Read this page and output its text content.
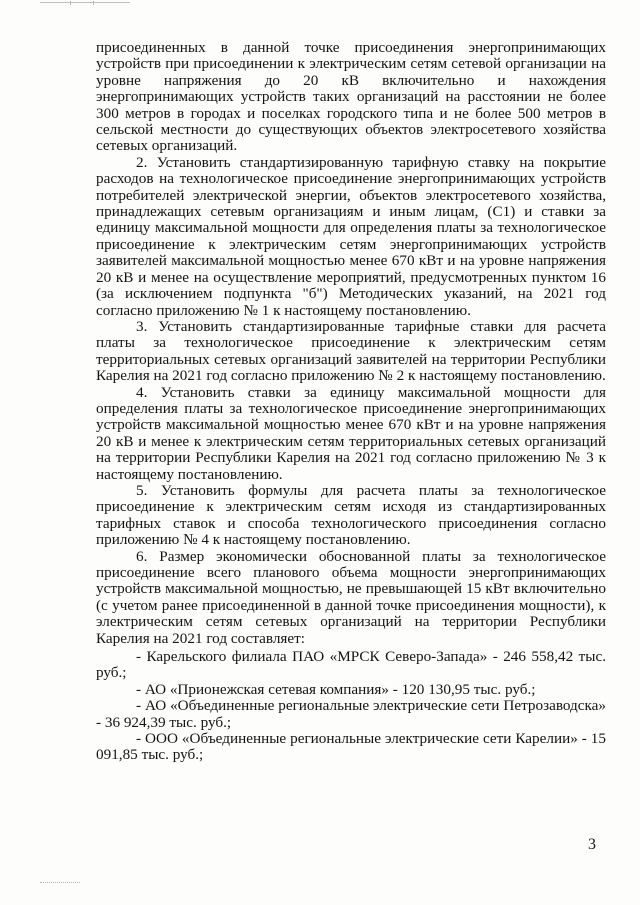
присоединенных в данной точке присоединения энергопринимающих устройств при присоединении к электрическим сетям сетевой организации на уровне напряжения до 20 кВ включительно и нахождения энергопринимающих устройств таких организаций на расстоянии не более 300 метров в городах и поселках городского типа и не более 500 метров в сельской местности до существующих объектов электросетевого хозяйства сетевых организаций.

2. Установить стандартизированную тарифную ставку на покрытие расходов на технологическое присоединение энергопринимающих устройств потребителей электрической энергии, объектов электросетевого хозяйства, принадлежащих сетевым организациям и иным лицам, (C1) и ставки за единицу максимальной мощности для определения платы за технологическое присоединение к электрическим сетям энергопринимающих устройств заявителей максимальной мощностью менее 670 кВт и на уровне напряжения 20 кВ и менее на осуществление мероприятий, предусмотренных пунктом 16 (за исключением подпункта "б") Методических указаний, на 2021 год согласно приложению № 1 к настоящему постановлению.

3. Установить стандартизированные тарифные ставки для расчета платы за технологическое присоединение к электрическим сетям территориальных сетевых организаций заявителей на территории Республики Карелия на 2021 год согласно приложению № 2 к настоящему постановлению.

4. Установить ставки за единицу максимальной мощности для определения платы за технологическое присоединение энергопринимающих устройств максимальной мощностью менее 670 кВт и на уровне напряжения 20 кВ и менее к электрическим сетям территориальных сетевых организаций на территории Республики Карелия на 2021 год согласно приложению № 3 к настоящему постановлению.

5. Установить формулы для расчета платы за технологическое присоединение к электрическим сетям исходя из стандартизированных тарифных ставок и способа технологического присоединения согласно приложению № 4 к настоящему постановлению.

6. Размер экономически обоснованной платы за технологическое присоединение всего планового объема мощности энергопринимающих устройств максимальной мощностью, не превышающей 15 кВт включительно (с учетом ранее присоединенной в данной точке присоединения мощности), к электрическим сетям сетевых организаций на территории Республики Карелия на 2021 год составляет:

- Карельского филиала ПАО «МРСК Северо-Запада» - 246 558,42 тыс. руб.;

- АО «Прионежская сетевая компания» - 120 130,95 тыс. руб.;

- АО «Объединенные региональные электрические сети Петрозаводска» - 36 924,39 тыс. руб.;

- ООО «Объединенные региональные электрические сети Карелии» - 15 091,85 тыс. руб.;

3
